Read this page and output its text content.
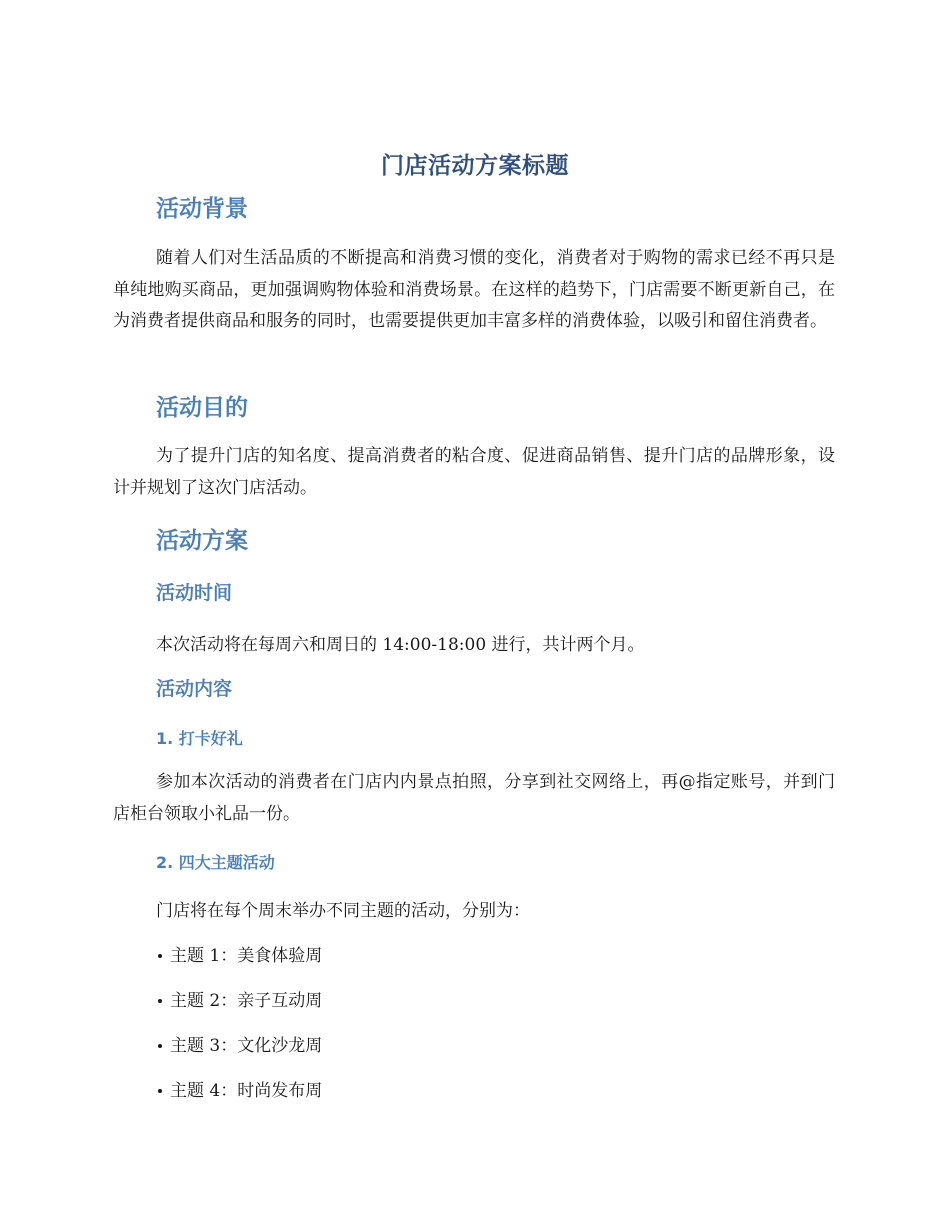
门店活动方案标题
活动背景
随着人们对生活品质的不断提高和消费习惯的变化，消费者对于购物的需求已经不再只是单纯地购买商品，更加强调购物体验和消费场景。在这样的趋势下，门店需要不断更新自己，在为消费者提供商品和服务的同时，也需要提供更加丰富多样的消费体验，以吸引和留住消费者。
活动目的
为了提升门店的知名度、提高消费者的粘合度、促进商品销售、提升门店的品牌形象，设计并规划了这次门店活动。
活动方案
活动时间
本次活动将在每周六和周日的 14:00-18:00 进行，共计两个月。
活动内容
1. 打卡好礼
参加本次活动的消费者在门店内内景点拍照，分享到社交网络上，再@指定账号，并到门店柜台领取小礼品一份。
2. 四大主题活动
门店将在每个周末举办不同主题的活动，分别为：
主题 1：美食体验周
主题 2：亲子互动周
主题 3：文化沙龙周
主题 4：时尚发布周
